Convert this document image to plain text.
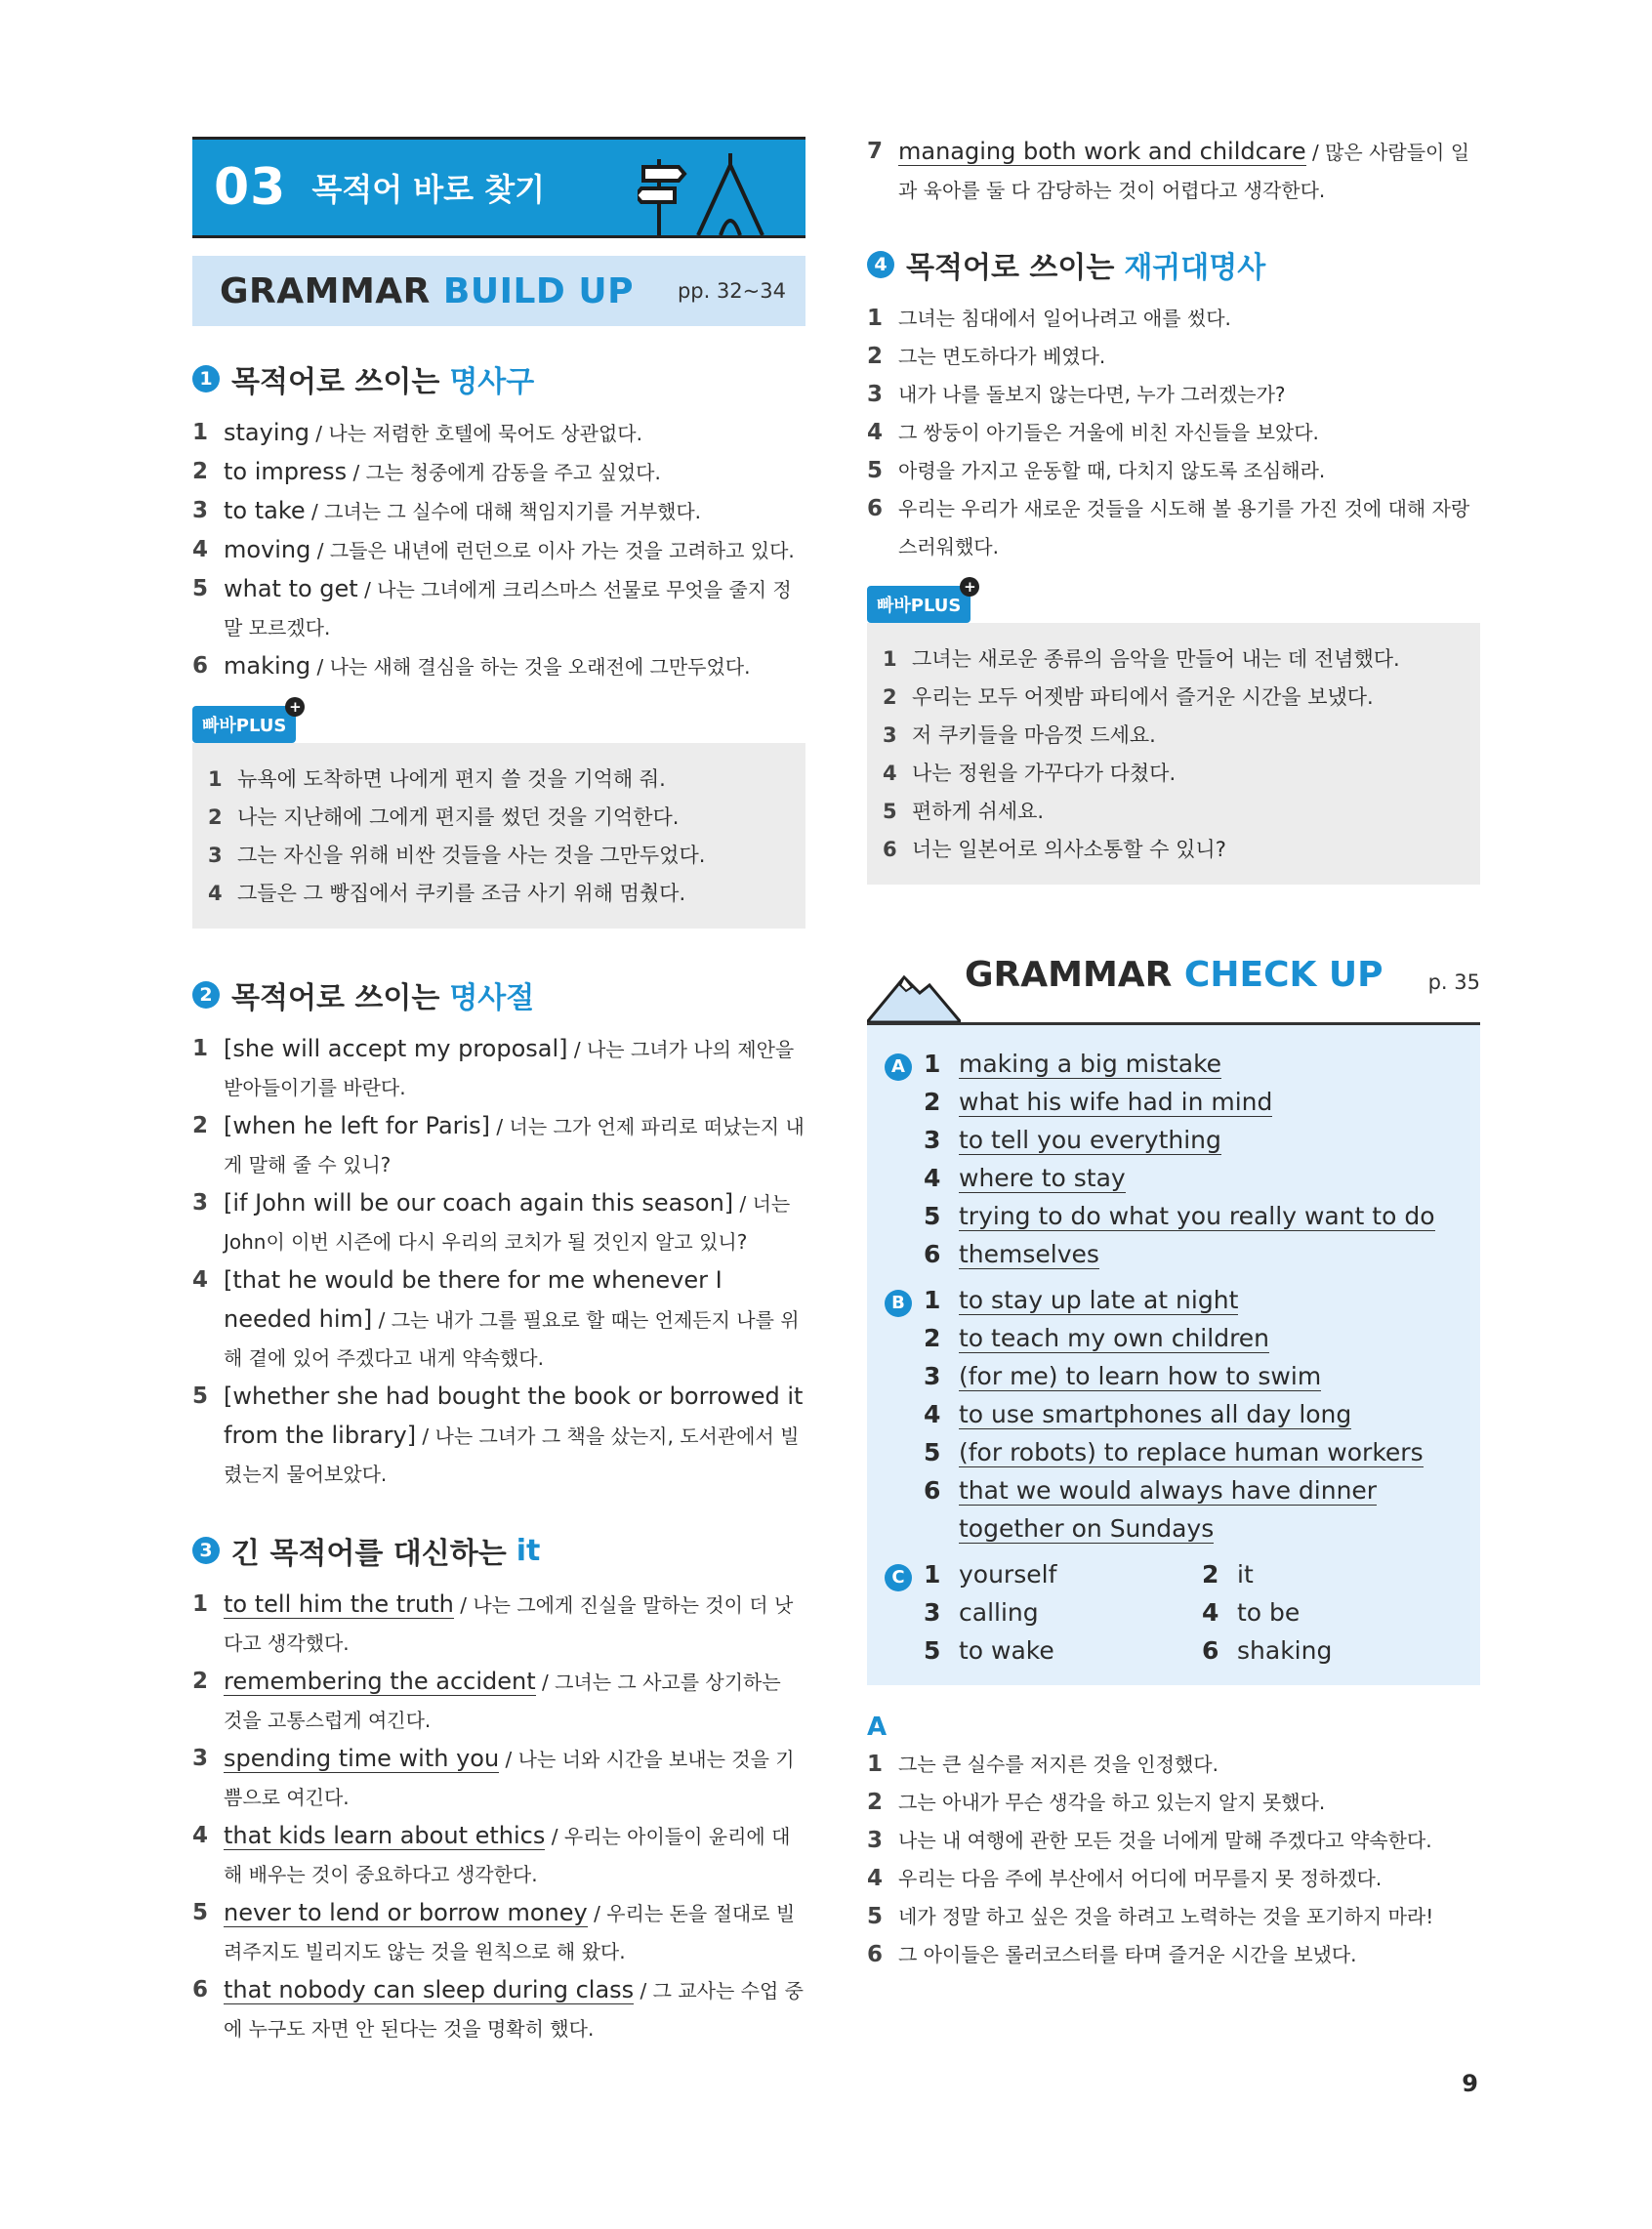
03 목적어 바로 찾기
GRAMMAR BUILD UP pp. 32~34
1 목적어로 쓰이는 명사구
1 staying / 나는 저렴한 호텔에 묵어도 상관없다.
2 to impress / 그는 청중에게 감동을 주고 싶었다.
3 to take / 그녀는 그 실수에 대해 책임지기를 거부했다.
4 moving / 그들은 내년에 런던으로 이사 가는 것을 고려하고 있다.
5 what to get / 나는 그녀에게 크리스마스 선물로 무엇을 줄지 정말 모르겠다.
6 making / 나는 새해 결심을 하는 것을 오래전에 그만두었다.
빠바PLUS
+
1 뉴욕에 도착하면 나에게 편지 쓸 것을 기억해 줘.
2 나는 지난해에 그에게 편지를 썼던 것을 기억한다.
3 그는 자신을 위해 비싼 것들을 사는 것을 그만두었다.
4 그들은 그 빵집에서 쿠키를 조금 사기 위해 멈췄다.
2 목적어로 쓰이는 명사절
1 [she will accept my proposal] / 나는 그녀가 나의 제안을 받아들이기를 바란다.
2 [when he left for Paris] / 너는 그가 언제 파리로 떠났는지 내게 말해 줄 수 있니?
3 [if John will be our coach again this season] / 너는 John이 이번 시즌에 다시 우리의 코치가 될 것인지 알고 있니?
4 [that he would be there for me whenever I needed him] / 그는 내가 그를 필요로 할 때는 언제든지 나를 위해 곁에 있어 주겠다고 내게 약속했다.
5 [whether she had bought the book or borrowed it from the library] / 나는 그녀가 그 책을 샀는지, 도서관에서 빌렸는지 물어보았다.
3 긴 목적어를 대신하는 it
1 to tell him the truth / 나는 그에게 진실을 말하는 것이 더 낫다고 생각했다.
2 remembering the accident / 그녀는 그 사고를 상기하는 것을 고통스럽게 여긴다.
3 spending time with you / 나는 너와 시간을 보내는 것을 기쁨으로 여긴다.
4 that kids learn about ethics / 우리는 아이들이 윤리에 대해 배우는 것이 중요하다고 생각한다.
5 never to lend or borrow money / 우리는 돈을 절대로 빌려주지도 빌리지도 않는 것을 원칙으로 해 왔다.
6 that nobody can sleep during class / 그 교사는 수업 중에 누구도 자면 안 된다는 것을 명확히 했다.
7 managing both work and childcare / 많은 사람들이 일과 육아를 둘 다 감당하는 것이 어렵다고 생각한다.
4 목적어로 쓰이는 재귀대명사
1 그녀는 침대에서 일어나려고 애를 썼다.
2 그는 면도하다가 베였다.
3 내가 나를 돌보지 않는다면, 누가 그러겠는가?
4 그 쌍둥이 아기들은 거울에 비친 자신들을 보았다.
5 아령을 가지고 운동할 때, 다치지 않도록 조심해라.
6 우리는 우리가 새로운 것들을 시도해 볼 용기를 가진 것에 대해 자랑스러워했다.
빠바PLUS
+
1 그녀는 새로운 종류의 음악을 만들어 내는 데 전념했다.
2 우리는 모두 어젯밤 파티에서 즐거운 시간을 보냈다.
3 저 쿠키들을 마음껏 드세요.
4 나는 정원을 가꾸다가 다쳤다.
5 편하게 쉬세요.
6 너는 일본어로 의사소통할 수 있니?
GRAMMAR CHECK UP p. 35
A 1 making a big mistake
2 what his wife had in mind
3 to tell you everything
4 where to stay
5 trying to do what you really want to do
6 themselves
B 1 to stay up late at night
2 to teach my own children
3 (for me) to learn how to swim
4 to use smartphones all day long
5 (for robots) to replace human workers
6 that we would always have dinner together on Sundays
C 1 yourself	2 it
3 calling	4 to be
5 to wake	6 shaking
A
1 그는 큰 실수를 저지른 것을 인정했다.
2 그는 아내가 무슨 생각을 하고 있는지 알지 못했다.
3 나는 내 여행에 관한 모든 것을 너에게 말해 주겠다고 약속한다.
4 우리는 다음 주에 부산에서 어디에 머무를지 못 정하겠다.
5 네가 정말 하고 싶은 것을 하려고 노력하는 것을 포기하지 마라!
6 그 아이들은 롤러코스터를 타며 즐거운 시간을 보냈다.
9
